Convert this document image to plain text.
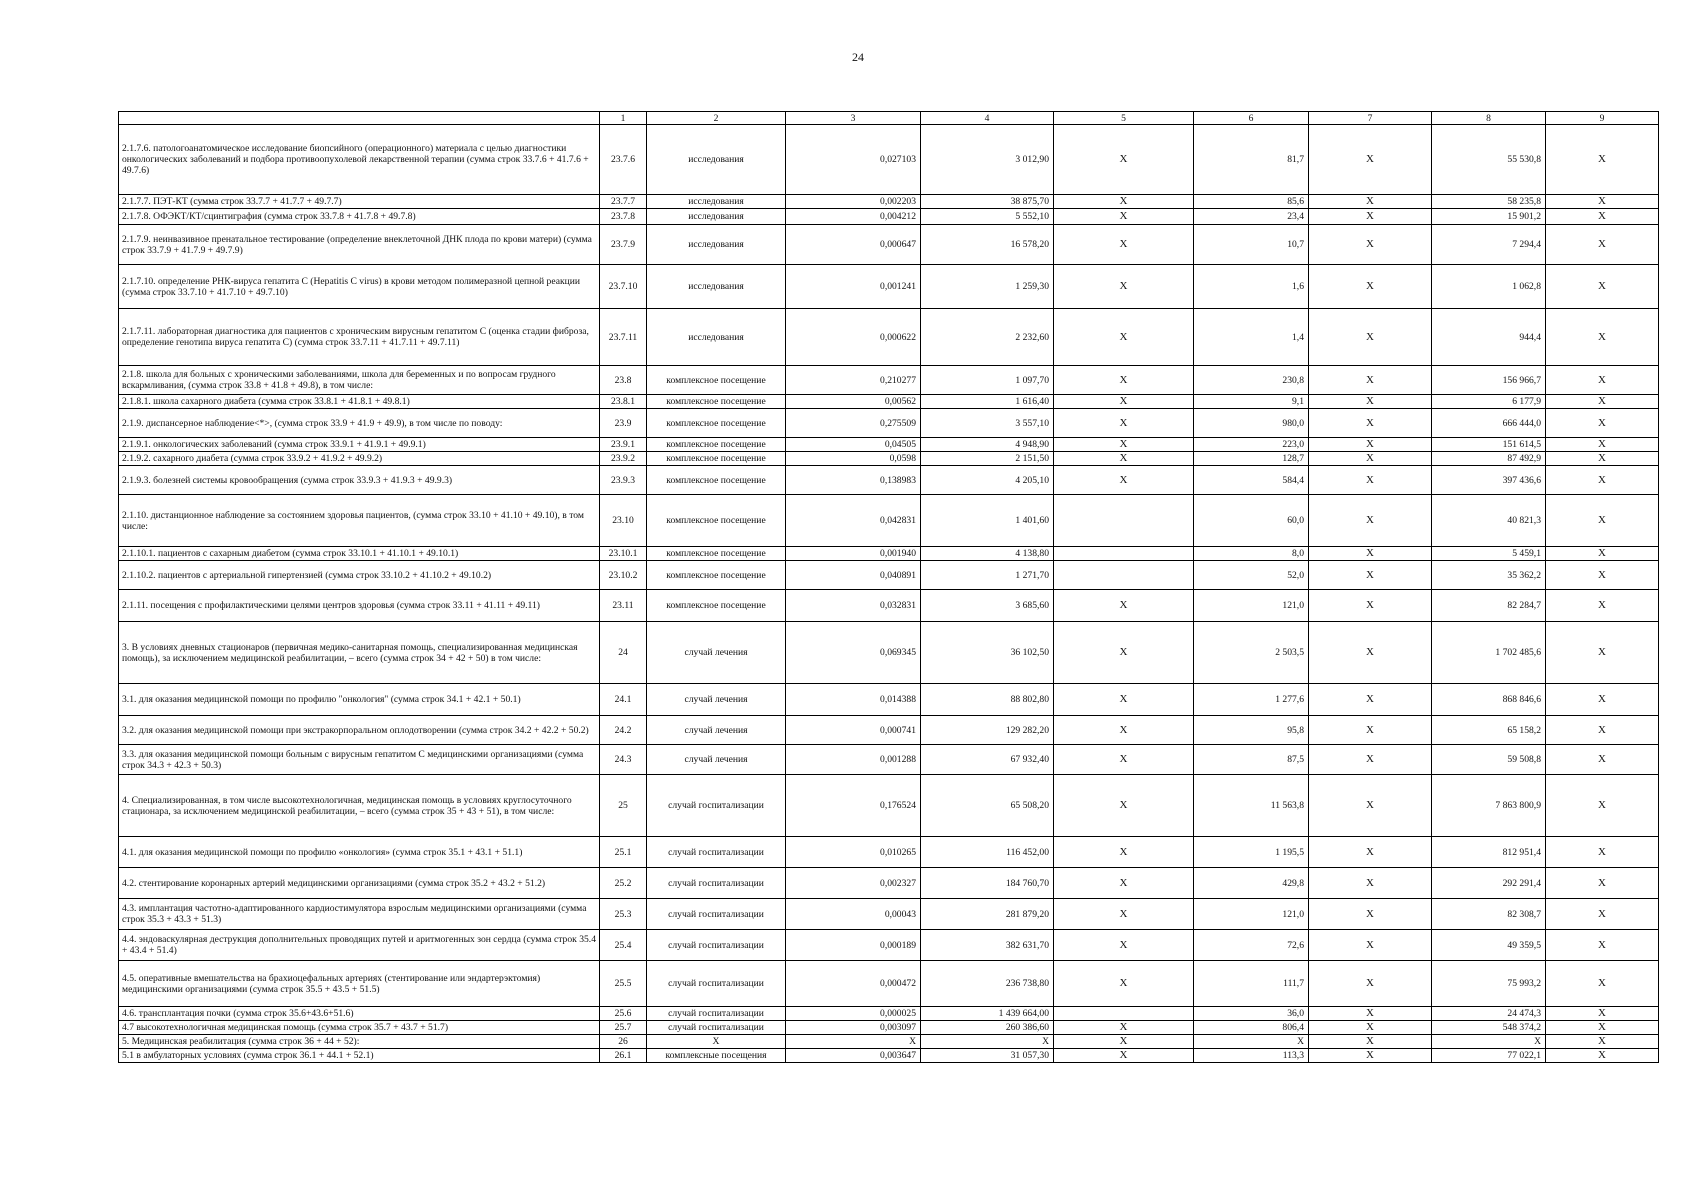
24
	1	2	3	4	5	6	7	8	9
2.1.7.6. патологоанатомическое исследование биопсийного (операционного) материала с целью диагностики онкологических заболеваний и подбора противоопухолевой лекарственной терапии (сумма строк 33.7.6 + 41.7.6 + 49.7.6)	23.7.6	исследования	0,027103	3 012,90	Х	81,7	Х	55 530,8	Х
2.1.7.7. ПЭТ-КТ (сумма строк 33.7.7 + 41.7.7 + 49.7.7)	23.7.7	исследования	0,002203	38 875,70	Х	85,6	Х	58 235,8	Х
2.1.7.8. ОФЭКТ/КТ/сцинтиграфия (сумма строк 33.7.8 + 41.7.8 + 49.7.8)	23.7.8	исследования	0,004212	5 552,10	Х	23,4	Х	15 901,2	Х
2.1.7.9. неинвазивное пренатальное тестирование (определение внеклеточной ДНК плода по крови матери) (сумма строк 33.7.9 + 41.7.9 + 49.7.9)	23.7.9	исследования	0,000647	16 578,20	Х	10,7	Х	7 294,4	Х
2.1.7.10. определение РНК-вируса гепатита С (Hepatitis C virus) в крови методом полимеразной цепной реакции (сумма строк 33.7.10 + 41.7.10 + 49.7.10)	23.7.10	исследования	0,001241	1 259,30	Х	1,6	Х	1 062,8	Х
2.1.7.11. лабораторная диагностика для пациентов с хроническим вирусным гепатитом С (оценка стадии фиброза, определение генотипа вируса гепатита С) (сумма строк 33.7.11 + 41.7.11 + 49.7.11)	23.7.11	исследования	0,000622	2 232,60	Х	1,4	Х	944,4	Х
2.1.8. школа для больных с хроническими заболеваниями, школа для беременных и по вопросам грудного вскармливания, (сумма строк 33.8 + 41.8 + 49.8), в том числе:	23.8	комплексное посещение	0,210277	1 097,70	Х	230,8	Х	156 966,7	Х
2.1.8.1. школа сахарного диабета (сумма строк 33.8.1 + 41.8.1 + 49.8.1)	23.8.1	комплексное посещение	0,00562	1 616,40	Х	9,1	Х	6 177,9	Х
2.1.9. диспансерное наблюдение<*>, (сумма строк 33.9 + 41.9 + 49.9), в том числе по поводу:	23.9	комплексное посещение	0,275509	3 557,10	Х	980,0	Х	666 444,0	Х
2.1.9.1. онкологических заболеваний (сумма строк 33.9.1 + 41.9.1 + 49.9.1)	23.9.1	комплексное посещение	0,04505	4 948,90	Х	223,0	Х	151 614,5	Х
2.1.9.2. сахарного диабета (сумма строк 33.9.2 + 41.9.2 + 49.9.2)	23.9.2	комплексное посещение	0,0598	2 151,50	Х	128,7	Х	87 492,9	Х
2.1.9.3. болезней системы кровообращения (сумма строк 33.9.3 + 41.9.3 + 49.9.3)	23.9.3	комплексное посещение	0,138983	4 205,10	Х	584,4	Х	397 436,6	Х
2.1.10. дистанционное наблюдение за состоянием здоровья пациентов, (сумма строк 33.10 + 41.10 + 49.10), в том числе:	23.10	комплексное посещение	0,042831	1 401,60		60,0	Х	40 821,3	Х
2.1.10.1. пациентов с сахарным диабетом (сумма строк 33.10.1 + 41.10.1 + 49.10.1)	23.10.1	комплексное посещение	0,001940	4 138,80		8,0	Х	5 459,1	Х
2.1.10.2. пациентов с артериальной гипертензией (сумма строк 33.10.2 + 41.10.2 + 49.10.2)	23.10.2	комплексное посещение	0,040891	1 271,70		52,0	Х	35 362,2	Х
2.1.11. посещения с профилактическими целями центров здоровья (сумма строк 33.11 + 41.11 + 49.11)	23.11	комплексное посещение	0,032831	3 685,60	Х	121,0	Х	82 284,7	Х
3. В условиях дневных стационаров (первичная медико-санитарная помощь, специализированная медицинская помощь), за исключением медицинской реабилитации, – всего (сумма строк 34 + 42 + 50) в том числе:	24	случай лечения	0,069345	36 102,50	Х	2 503,5	Х	1 702 485,6	Х
3.1. для оказания медицинской помощи по профилю "онкология" (сумма строк 34.1 + 42.1 + 50.1)	24.1	случай лечения	0,014388	88 802,80	Х	1 277,6	Х	868 846,6	Х
3.2. для оказания медицинской помощи при экстракорпоральном оплодотворении (сумма строк 34.2 + 42.2 + 50.2)	24.2	случай лечения	0,000741	129 282,20	Х	95,8	Х	65 158,2	Х
3.3. для оказания медицинской помощи больным с вирусным гепатитом С медицинскими организациями (сумма строк 34.3 + 42.3 + 50.3)	24.3	случай лечения	0,001288	67 932,40	Х	87,5	Х	59 508,8	Х
4. Специализированная, в том числе высокотехнологичная, медицинская помощь в условиях круглосуточного стационара, за исключением медицинской реабилитации, – всего (сумма строк 35 + 43 + 51), в том числе:	25	случай госпитализации	0,176524	65 508,20	Х	11 563,8	Х	7 863 800,9	Х
4.1. для оказания медицинской помощи по профилю «онкология» (сумма строк 35.1 + 43.1 + 51.1)	25.1	случай госпитализации	0,010265	116 452,00	Х	1 195,5	Х	812 951,4	Х
4.2. стентирование коронарных артерий медицинскими организациями (сумма строк 35.2 + 43.2 + 51.2)	25.2	случай госпитализации	0,002327	184 760,70	Х	429,8	Х	292 291,4	Х
4.3. имплантация частотно-адаптированного кардиостимулятора взрослым медицинскими организациями (сумма строк 35.3 + 43.3 + 51.3)	25.3	случай госпитализации	0,00043	281 879,20	Х	121,0	Х	82 308,7	Х
4.4. эндоваскулярная деструкция дополнительных проводящих путей и аритмогенных зон сердца (сумма строк 35.4 + 43.4 + 51.4)	25.4	случай госпитализации	0,000189	382 631,70	Х	72,6	Х	49 359,5	Х
4.5. оперативные вмешательства на брахиоцефальных артериях (стентирование или эндартерэктомия) медицинскими организациями (сумма строк 35.5 + 43.5 + 51.5)	25.5	случай госпитализации	0,000472	236 738,80	Х	111,7	Х	75 993,2	Х
4.6. трансплантация почки (сумма строк 35.6+43.6+51.6)	25.6	случай госпитализации	0,000025	1 439 664,00		36,0	Х	24 474,3	Х
4.7 высокотехнологичная медицинская помощь (сумма строк 35.7 + 43.7 + 51.7)	25.7	случай госпитализации	0,003097	260 386,60	Х	806,4	Х	548 374,2	Х
5. Медицинская реабилитация (сумма строк 36 + 44 + 52):	26	Х	Х	Х	Х	Х	Х	Х	Х
5.1 в амбулаторных условиях (сумма строк 36.1 + 44.1 + 52.1)	26.1	комплексные посещения	0,003647	31 057,30	Х	113,3	Х	77 022,1	Х
